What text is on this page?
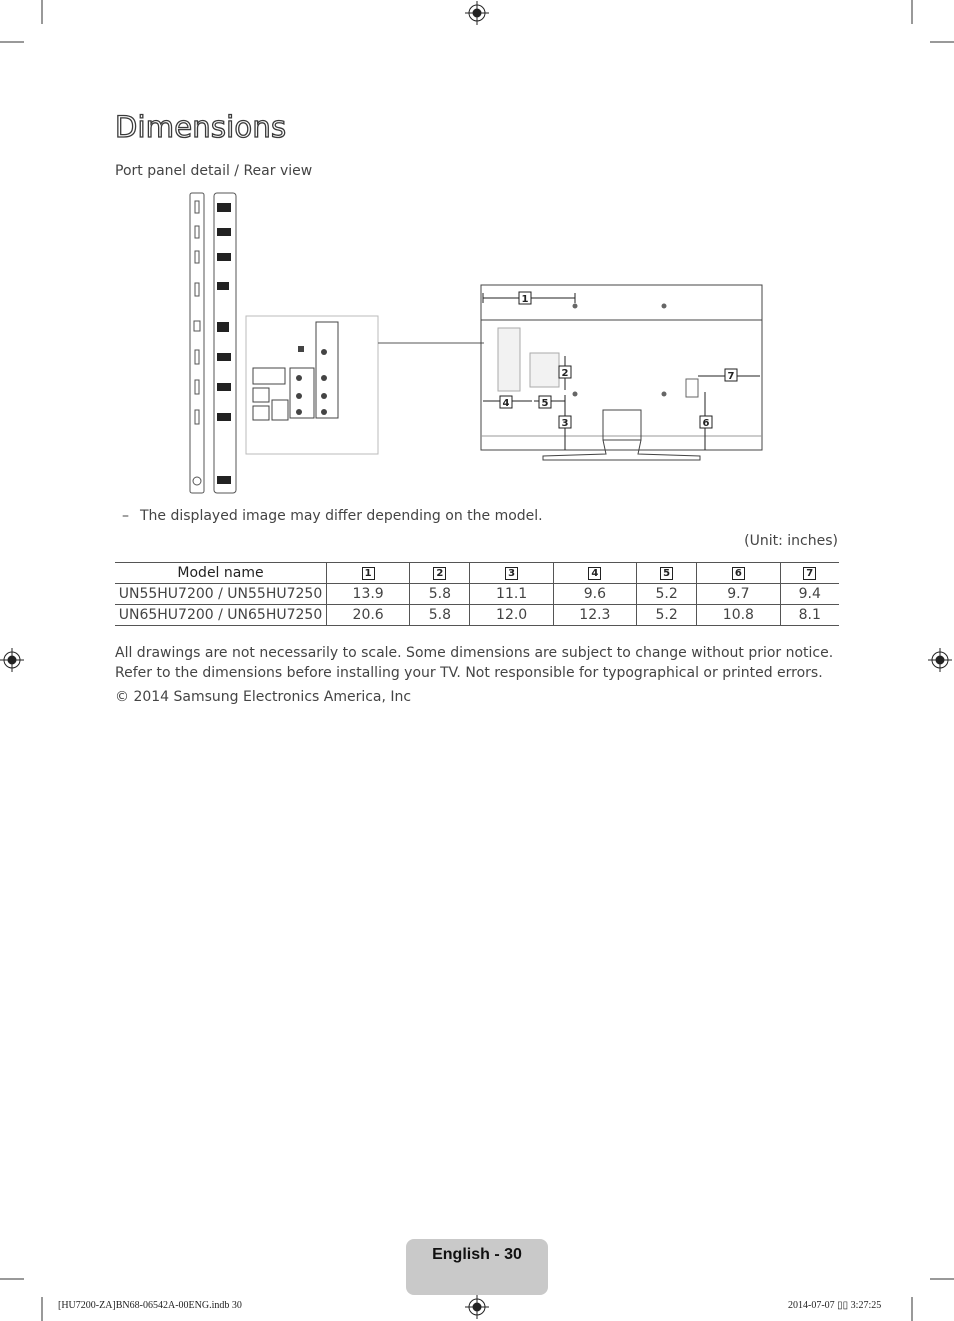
1
2
3
4	5
6
7
Dimensions
Port panel detail / Rear view
– The displayed image may differ depending on the model.
(Unit: inches)
Model name	1	2	3	4	5	6	7
UN55HU7200 / UN55HU7250	13.9	5.8	11.1	9.6	5.2	9.7	9.4
UN65HU7200 / UN65HU7250	20.6	5.8	12.0	12.3	5.2	10.8	8.1
All drawings are not necessarily to scale. Some dimensions are subject to change without prior notice. Refer to the dimensions before installing your TV. Not responsible for typographical or printed errors.
© 2014 Samsung Electronics America, Inc
English - 30
[HU7200-ZA]BN68-06542A-00ENG.indb 30	2014-07-07 ▯▯ 3:27:25
